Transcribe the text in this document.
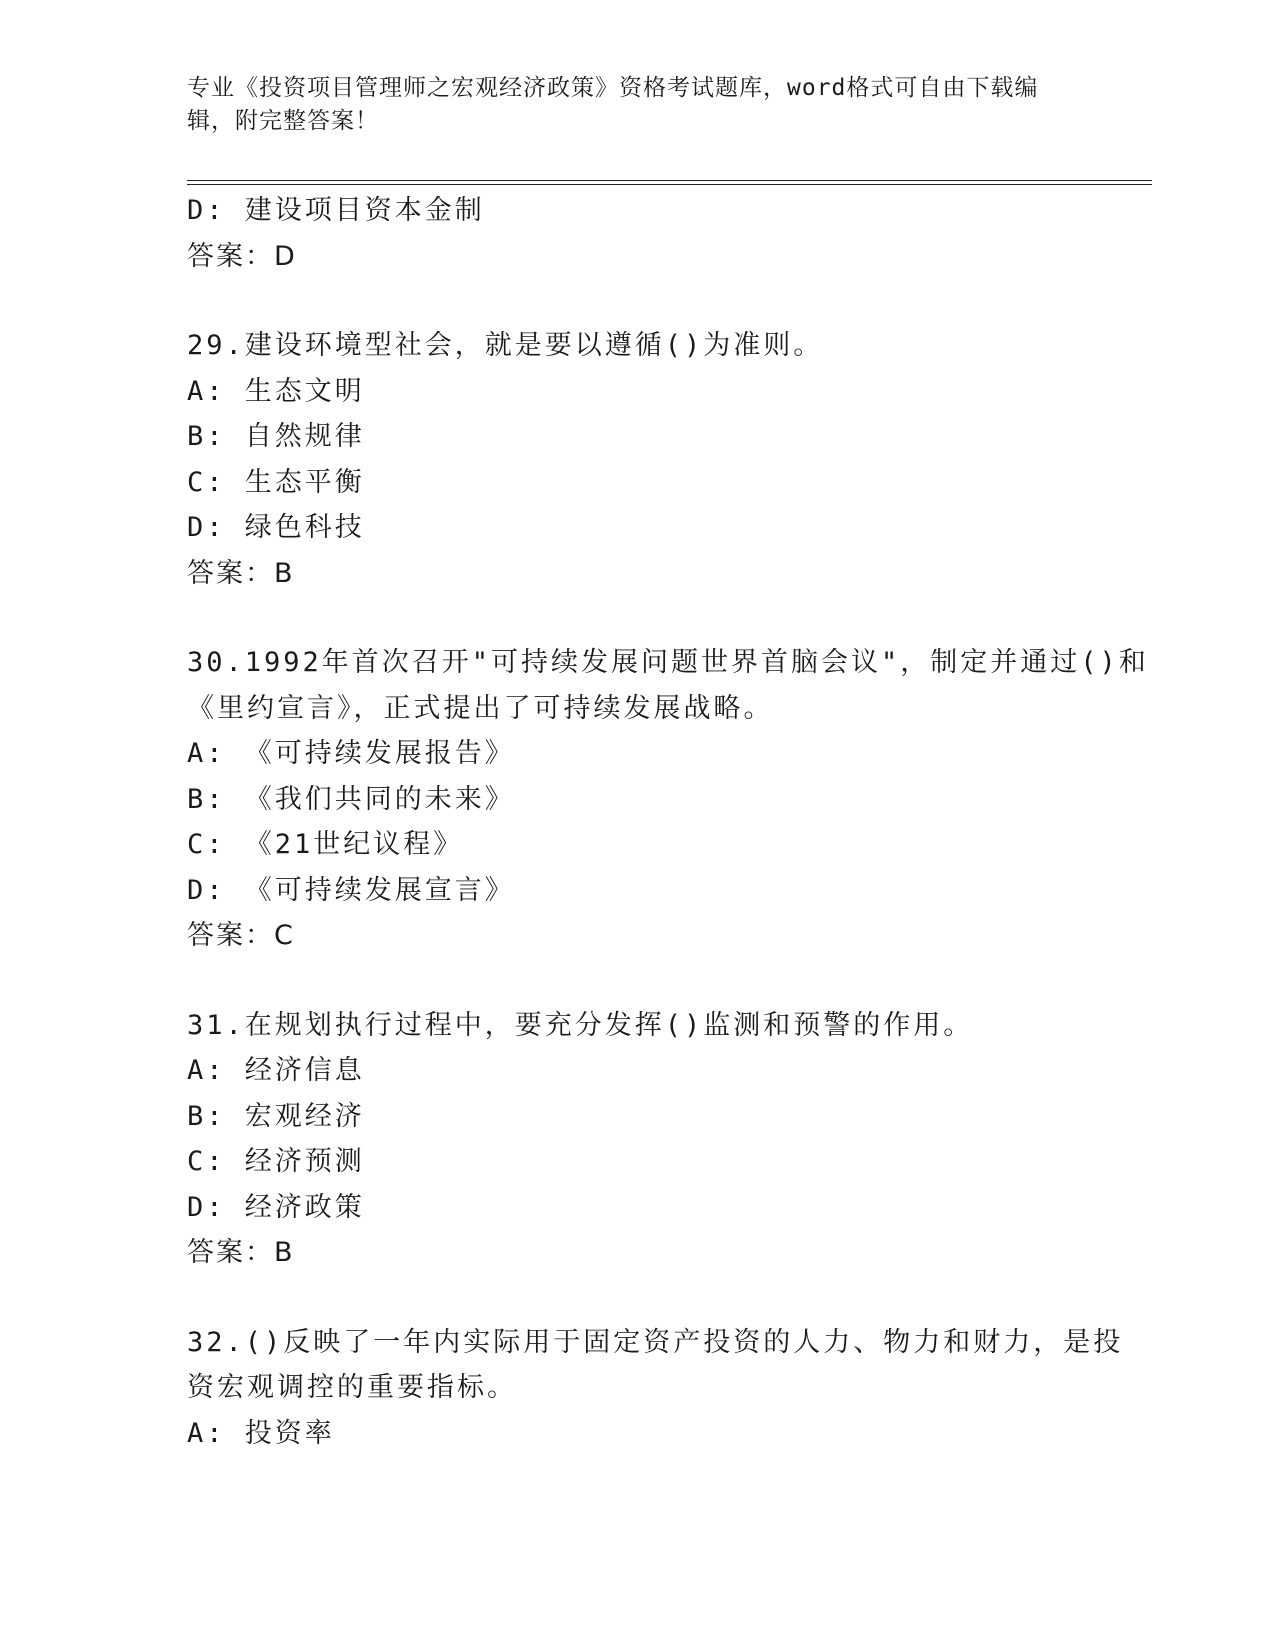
专业《投资项目管理师之宏观经济政策》资格考试题库，word格式可自由下载编
辑，附完整答案！
D: 建设项目资本金制
答案：D
29.建设环境型社会，就是要以遵循()为准则。
A: 生态文明
B: 自然规律
C: 生态平衡
D: 绿色科技
答案：B
30.1992年首次召开"可持续发展问题世界首脑会议"，制定并通过()和
《里约宣言》，正式提出了可持续发展战略。
A: 《可持续发展报告》
B: 《我们共同的未来》
C: 《21世纪议程》
D: 《可持续发展宣言》
答案：C
31.在规划执行过程中，要充分发挥()监测和预警的作用。
A: 经济信息
B: 宏观经济
C: 经济预测
D: 经济政策
答案：B
32.()反映了一年内实际用于固定资产投资的人力、物力和财力，是投
资宏观调控的重要指标。
A: 投资率
